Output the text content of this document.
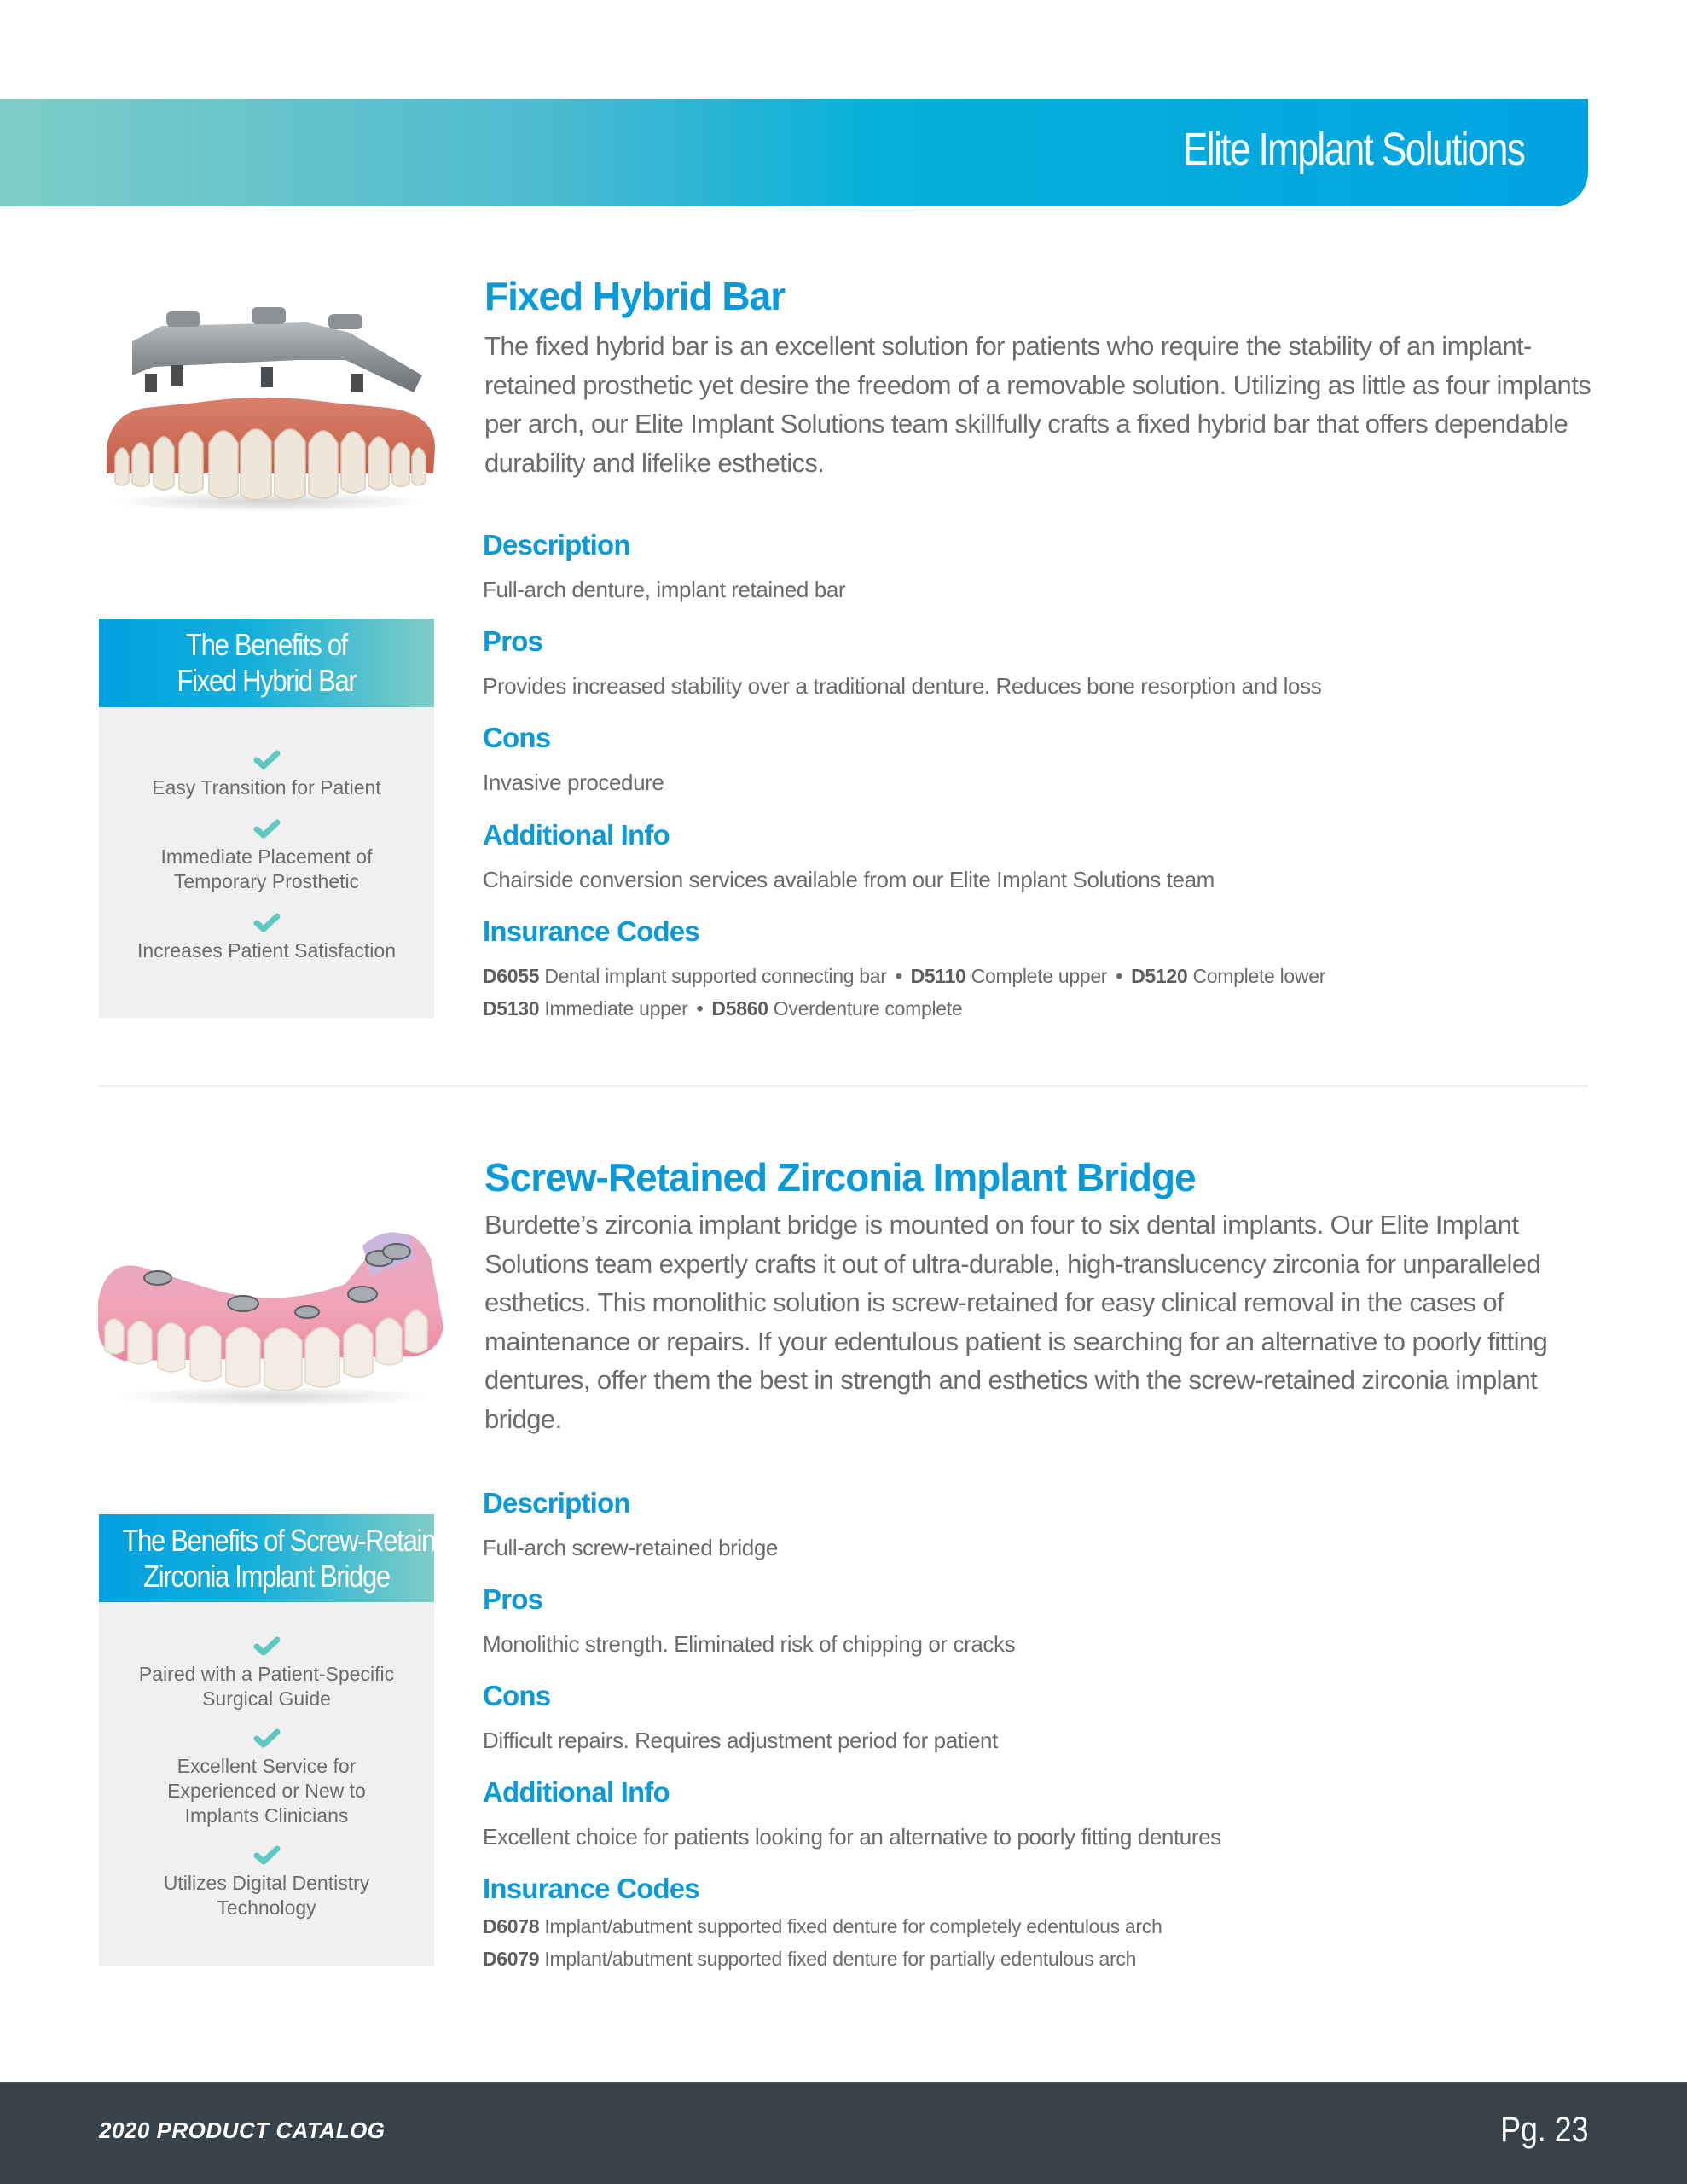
Elite Implant Solutions
Fixed Hybrid Bar
The fixed hybrid bar is an excellent solution for patients who require the stability of an implant-retained prosthetic yet desire the freedom of a removable solution. Utilizing as little as four implants per arch, our Elite Implant Solutions team skillfully crafts a fixed hybrid bar that offers dependable durability and lifelike esthetics.
The Benefits of
Fixed Hybrid Bar
Easy Transition for Patient
Immediate Placement of
Temporary Prosthetic
Increases Patient Satisfaction
Description
Full-arch denture, implant retained bar
Pros
Provides increased stability over a traditional denture. Reduces bone resorption and loss
Cons
Invasive procedure
Additional Info
Chairside conversion services available from our Elite Implant Solutions team
Insurance Codes
D6055 Dental implant supported connecting bar • D5110 Complete upper • D5120 Complete lower
D5130 Immediate upper • D5860 Overdenture complete
Screw-Retained Zirconia Implant Bridge
Burdette’s zirconia implant bridge is mounted on four to six dental implants. Our Elite Implant Solutions team expertly crafts it out of ultra-durable, high-translucency zirconia for unparalleled esthetics. This monolithic solution is screw-retained for easy clinical removal in the cases of maintenance or repairs. If your edentulous patient is searching for an alternative to poorly fitting dentures, offer them the best in strength and esthetics with the screw-retained zirconia implant bridge.
The Benefits of Screw-Retained
Zirconia Implant Bridge
Paired with a Patient-Specific
Surgical Guide
Excellent Service for
Experienced or New to
Implants Clinicians
Utilizes Digital Dentistry
Technology
Description
Full-arch screw-retained bridge
Pros
Monolithic strength. Eliminated risk of chipping or cracks
Cons
Difficult repairs. Requires adjustment period for patient
Additional Info
Excellent choice for patients looking for an alternative to poorly fitting dentures
Insurance Codes
D6078 Implant/abutment supported fixed denture for completely edentulous arch
D6079 Implant/abutment supported fixed denture for partially edentulous arch
2020 PRODUCT CATALOG	Pg. 23
